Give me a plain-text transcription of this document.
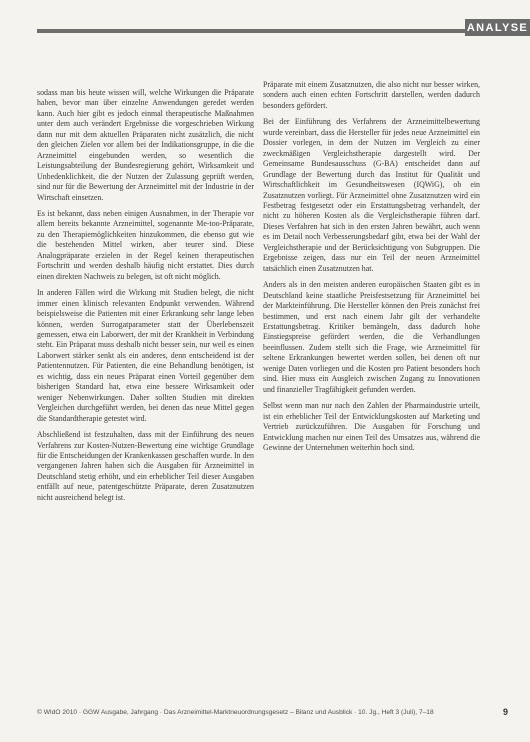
ANALYSE

sodass man bis heute wissen will, welche Wirkungen die Präparate haben, bevor man über einzelne Anwendungen geredet werden kann. Auch hier gibt es jedoch einmal therapeutische Maßnahmen unter dem auch verändert Ergebnisse die vorgeschrieben Wirkung dann nur mit dem aktuellen Präparaten nicht zusätzlich, die nicht den gleichen Zielen vor allem bei der Indikationsgruppe, in die die Arzneimittel eingebunden werden, so wesentlich die Leistungsabteilung der Bundesregierung gehört, Wirksamkeit und Unbedenklichkeit, die der Nutzen der Zulassung geprüft werden, sind nur für die Bewertung der Arzneimittel mit der Industrie in der Wirtschaft einsetzen.

Es ist bekannt, dass neben einigen Ausnahmen, in der Therapie vor allem bereits bekannte Arzneimittel, sogenannte Me-too-Präparate, zu den Therapiemöglichkeiten hinzukommen, die ebenso gut wie die bestehenden Mittel wirken, aber teurer sind. Diese Analogpräparate erzielen in der Regel keinen therapeutischen Fortschritt und werden deshalb häufig nicht erstattet. Dies durch einen direkten Nachweis zu belegen, ist oft nicht möglich.

In anderen Fällen wird die Wirkung mit Studien belegt, die nicht immer einen klinisch relevanten Endpunkt verwenden. Während beispielsweise die Patienten mit einer Erkrankung sehr lange leben können, werden Surrogatparameter statt der Überlebenszeit gemessen, etwa ein Laborwert, der mit der Krankheit in Verbindung steht. Ein Präparat muss deshalb nicht besser sein, nur weil es einen Laborwert stärker senkt als ein anderes, denn entscheidend ist der Patientennutzen. Für Patienten, die eine Behandlung benötigen, ist es wichtig, dass ein neues Präparat einen Vorteil gegenüber dem bisherigen Standard hat, etwa eine bessere Wirksamkeit oder weniger Nebenwirkungen. Daher sollten Studien mit direkten Vergleichen durchgeführt werden, bei denen das neue Mittel gegen die Standardtherapie getestet wird.

Abschließend ist festzuhalten, dass mit der Einführung des neuen Verfahrens zur Kosten-Nutzen-Bewertung eine wichtige Grundlage für die Entscheidungen der Krankenkassen geschaffen wurde. In den vergangenen Jahren haben sich die Ausgaben für Arzneimittel in Deutschland stetig erhöht, und ein erheblicher Teil dieser Ausgaben entfällt auf neue, patentgeschützte Präparate, deren Zusatznutzen nicht ausreichend belegt ist.

Präparate mit einem Zusatznutzen, die also nicht nur besser wirken, sondern auch einen echten Fortschritt darstellen, werden dadurch besonders gefördert.

Bei der Einführung des Verfahrens der Arzneimittelbewertung wurde vereinbart, dass die Hersteller für jedes neue Arzneimittel ein Dossier vorlegen, in dem der Nutzen im Vergleich zu einer zweckmäßigen Vergleichstherapie dargestellt wird. Der Gemeinsame Bundesausschuss (G-BA) entscheidet dann auf Grundlage der Bewertung durch das Institut für Qualität und Wirtschaftlichkeit im Gesundheitswesen (IQWiG), ob ein Zusatznutzen vorliegt. Für Arzneimittel ohne Zusatznutzen wird ein Festbetrag festgesetzt oder ein Erstattungsbetrag verhandelt, der nicht zu höheren Kosten als die Vergleichstherapie führen darf. Dieses Verfahren hat sich in den ersten Jahren bewährt, auch wenn es im Detail noch Verbesserungsbedarf gibt, etwa bei der Wahl der Vergleichstherapie und der Berücksichtigung von Subgruppen. Die Ergebnisse zeigen, dass nur ein Teil der neuen Arzneimittel tatsächlich einen Zusatznutzen hat.

Anders als in den meisten anderen europäischen Staaten gibt es in Deutschland keine staatliche Preisfestsetzung für Arzneimittel bei der Markteinführung. Die Hersteller können den Preis zunächst frei bestimmen, und erst nach einem Jahr gilt der verhandelte Erstattungsbetrag. Kritiker bemängeln, dass dadurch hohe Einstiegspreise gefördert werden, die die Verhandlungen beeinflussen. Zudem stellt sich die Frage, wie Arzneimittel für seltene Erkrankungen bewertet werden sollen, bei denen oft nur wenige Daten vorliegen und die Kosten pro Patient besonders hoch sind. Hier muss ein Ausgleich zwischen Zugang zu Innovationen und finanzieller Tragfähigkeit gefunden werden.

Selbst wenn man nur nach den Zahlen der Pharmaindustrie urteilt, ist ein erheblicher Teil der Entwicklungskosten auf Marketing und Vertrieb zurückzuführen. Die Ausgaben für Forschung und Entwicklung machen nur einen Teil des Umsatzes aus, während die Gewinne der Unternehmen weiterhin hoch sind.

© WIdO 2010 · GGW Ausgabe, Jahrgang · Das Arzneimittel-Marktneuordnungsgesetz – Bilanz und Ausblick · 10. Jg., Heft 3 (Juli), 7–18	9
